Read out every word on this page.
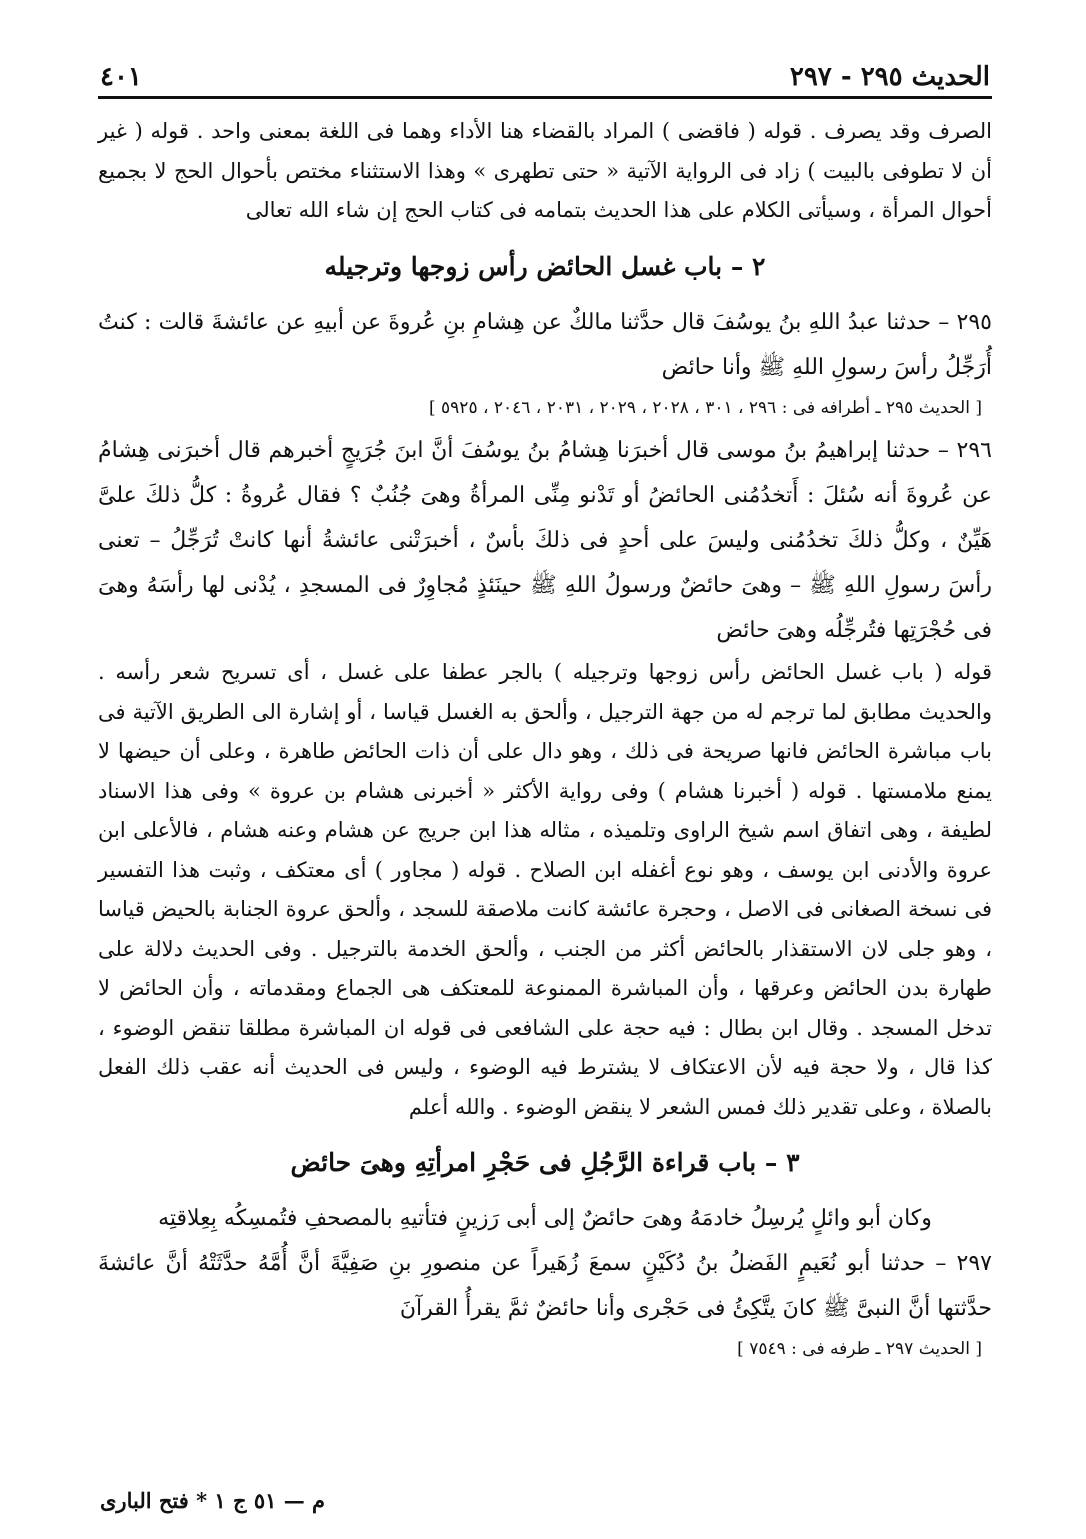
الحديث ٢٩٥ - ٢٩٧
٤٠١

الصرف وقد يصرف . قوله ( فاقضى ) المراد بالقضاء هنا الأداء وهما فى اللغة بمعنى واحد . قوله ( غير أن لا تطوفى بالبيت ) زاد فى الرواية الآتية « حتى تطهرى » وهذا الاستثناء مختص بأحوال الحج لا بجميع أحوال المرأة ، وسيأتى الكلام على هذا الحديث بتمامه فى كتاب الحج إن شاء الله تعالى

٢ – باب غسل الحائض رأس زوجها وترجيله

٢٩٥ – حدثنا عبدُ اللهِ بنُ يوسُفَ قال حدَّثنا مالكٌ عن هِشامِ بنِ عُروةَ عن أبيهِ عن عائشةَ قالت : كنتُ أُرَجِّلُ رأسَ رسولِ اللهِ ﷺ وأنا حائض

[ الحديث ٢٩٥ ـ أطرافه فى : ٢٩٦ ، ٣٠١ ، ٢٠٢٨ ، ٢٠٢٩ ، ٢٠٣١ ، ٢٠٤٦ ، ٥٩٢٥ ]

٢٩٦ – حدثنا إبراهيمُ بنُ موسى قال أخبرَنا هِشامُ بنُ يوسُفَ أنَّ ابنَ جُرَيجٍ أخبرهم قال أخبرَنى هِشامُ عن عُروةَ أنه سُئلَ : أَتخدُمُنى الحائضُ أو تَدْنو مِنِّى المرأةُ وهىَ جُنُبٌ ؟ فقال عُروةُ : كلُّ ذلكَ علىَّ هَيِّنٌ ، وكلُّ ذلكَ تخدُمُنى وليسَ على أحدٍ فى ذلكَ بأسٌ ، أخبرَتْنى عائشةُ أنها كانتْ تُرَجِّلُ – تعنى رأسَ رسولِ اللهِ ﷺ – وهىَ حائضٌ ورسولُ اللهِ ﷺ حينَئذٍ مُجاوِرٌ فى المسجدِ ، يُدْنى لها رأسَهُ وهىَ فى حُجْرَتِها فتُرجِّلُه وهىَ حائض

قوله ( باب غسل الحائض رأس زوجها وترجيله ) بالجر عطفا على غسل ، أى تسريح شعر رأسه . والحديث مطابق لما ترجم له من جهة الترجيل ، وألحق به الغسل قياسا ، أو إشارة الى الطريق الآتية فى باب مباشرة الحائض فانها صريحة فى ذلك ، وهو دال على أن ذات الحائض طاهرة ، وعلى أن حيضها لا يمنع ملامستها . قوله ( أخبرنا هشام ) وفى رواية الأكثر « أخبرنى هشام بن عروة » وفى هذا الاسناد لطيفة ، وهى اتفاق اسم شيخ الراوى وتلميذه ، مثاله هذا ابن جريج عن هشام وعنه هشام ، فالأعلى ابن عروة والأدنى ابن يوسف ، وهو نوع أغفله ابن الصلاح . قوله ( مجاور ) أى معتكف ، وثبت هذا التفسير فى نسخة الصغانى فى الاصل ، وحجرة عائشة كانت ملاصقة للسجد ، وألحق عروة الجنابة بالحيض قياسا ، وهو جلى لان الاستقذار بالحائض أكثر من الجنب ، وألحق الخدمة بالترجيل . وفى الحديث دلالة على طهارة بدن الحائض وعرقها ، وأن المباشرة الممنوعة للمعتكف هى الجماع ومقدماته ، وأن الحائض لا تدخل المسجد . وقال ابن بطال : فيه حجة على الشافعى فى قوله ان المباشرة مطلقا تنقض الوضوء ، كذا قال ، ولا حجة فيه لأن الاعتكاف لا يشترط فيه الوضوء ، وليس فى الحديث أنه عقب ذلك الفعل بالصلاة ، وعلى تقدير ذلك فمس الشعر لا ينقض الوضوء . والله أعلم

٣ – باب قراءة الرَّجُلِ فى حَجْرِ امرأتِهِ وهىَ حائض

وكان أبو وائلٍ يُرسِلُ خادمَهُ وهىَ حائضٌ إلى أبى رَزينٍ فتأتيهِ بالمصحفِ فتُمسِكُه بِعِلاقتِه

٢٩٧ – حدثنا أبو نُعَيمٍ الفَضلُ بنُ دُكَيْنٍ سمعَ زُهَيراً عن منصورِ بنِ صَفِيَّةَ أنَّ أُمَّهُ حدَّثَتْهُ أنَّ عائشةَ حدَّثتها أنَّ النبىَّ ﷺ كانَ يتَّكِئُ فى حَجْرى وأنا حائضٌ ثمَّ يقرأُ القرآنَ

[ الحديث ٢٩٧ ـ طرفه فى : ٧٥٤٩ ]

م — ٥١ ج ١ * فتح البارى
